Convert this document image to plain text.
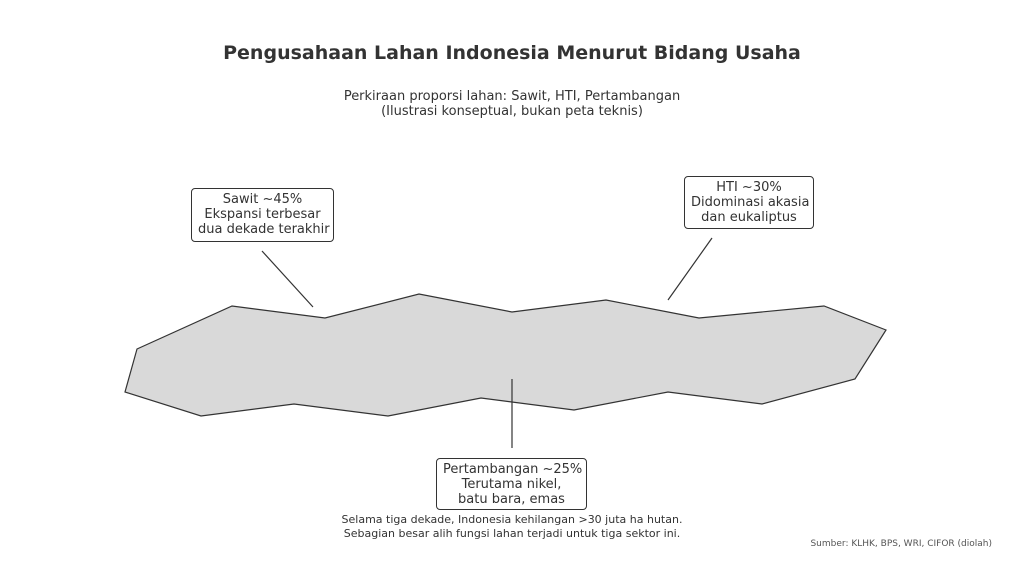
Pengusahaan Lahan Indonesia Menurut Bidang Usaha
Perkiraan proporsi lahan: Sawit, HTI, Pertambangan
(Ilustrasi konseptual, bukan peta teknis)
Sawit ~45%
Ekspansi terbesar
dua dekade terakhir
HTI ~30%
Didominasi akasia
dan eukaliptus
Pertambangan ~25%
Terutama nikel,
batu bara, emas
Selama tiga dekade, Indonesia kehilangan >30 juta ha hutan.
Sebagian besar alih fungsi lahan terjadi untuk tiga sektor ini.
Sumber: KLHK, BPS, WRI, CIFOR (diolah)
